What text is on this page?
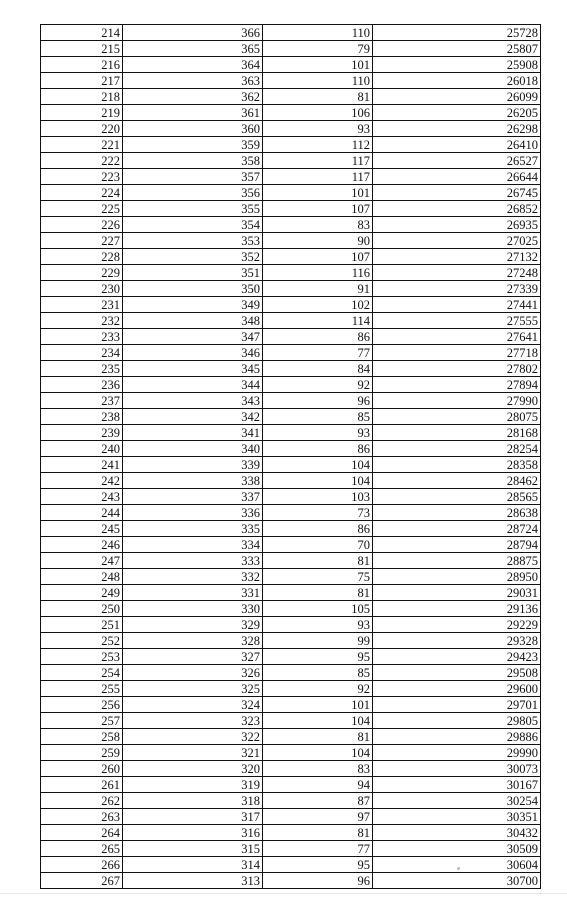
214	366	110	25728
215	365	79	25807
216	364	101	25908
217	363	110	26018
218	362	81	26099
219	361	106	26205
220	360	93	26298
221	359	112	26410
222	358	117	26527
223	357	117	26644
224	356	101	26745
225	355	107	26852
226	354	83	26935
227	353	90	27025
228	352	107	27132
229	351	116	27248
230	350	91	27339
231	349	102	27441
232	348	114	27555
233	347	86	27641
234	346	77	27718
235	345	84	27802
236	344	92	27894
237	343	96	27990
238	342	85	28075
239	341	93	28168
240	340	86	28254
241	339	104	28358
242	338	104	28462
243	337	103	28565
244	336	73	28638
245	335	86	28724
246	334	70	28794
247	333	81	28875
248	332	75	28950
249	331	81	29031
250	330	105	29136
251	329	93	29229
252	328	99	29328
253	327	95	29423
254	326	85	29508
255	325	92	29600
256	324	101	29701
257	323	104	29805
258	322	81	29886
259	321	104	29990
260	320	83	30073
261	319	94	30167
262	318	87	30254
263	317	97	30351
264	316	81	30432
265	315	77	30509
266	314	95	30604
267	313	96	30700
